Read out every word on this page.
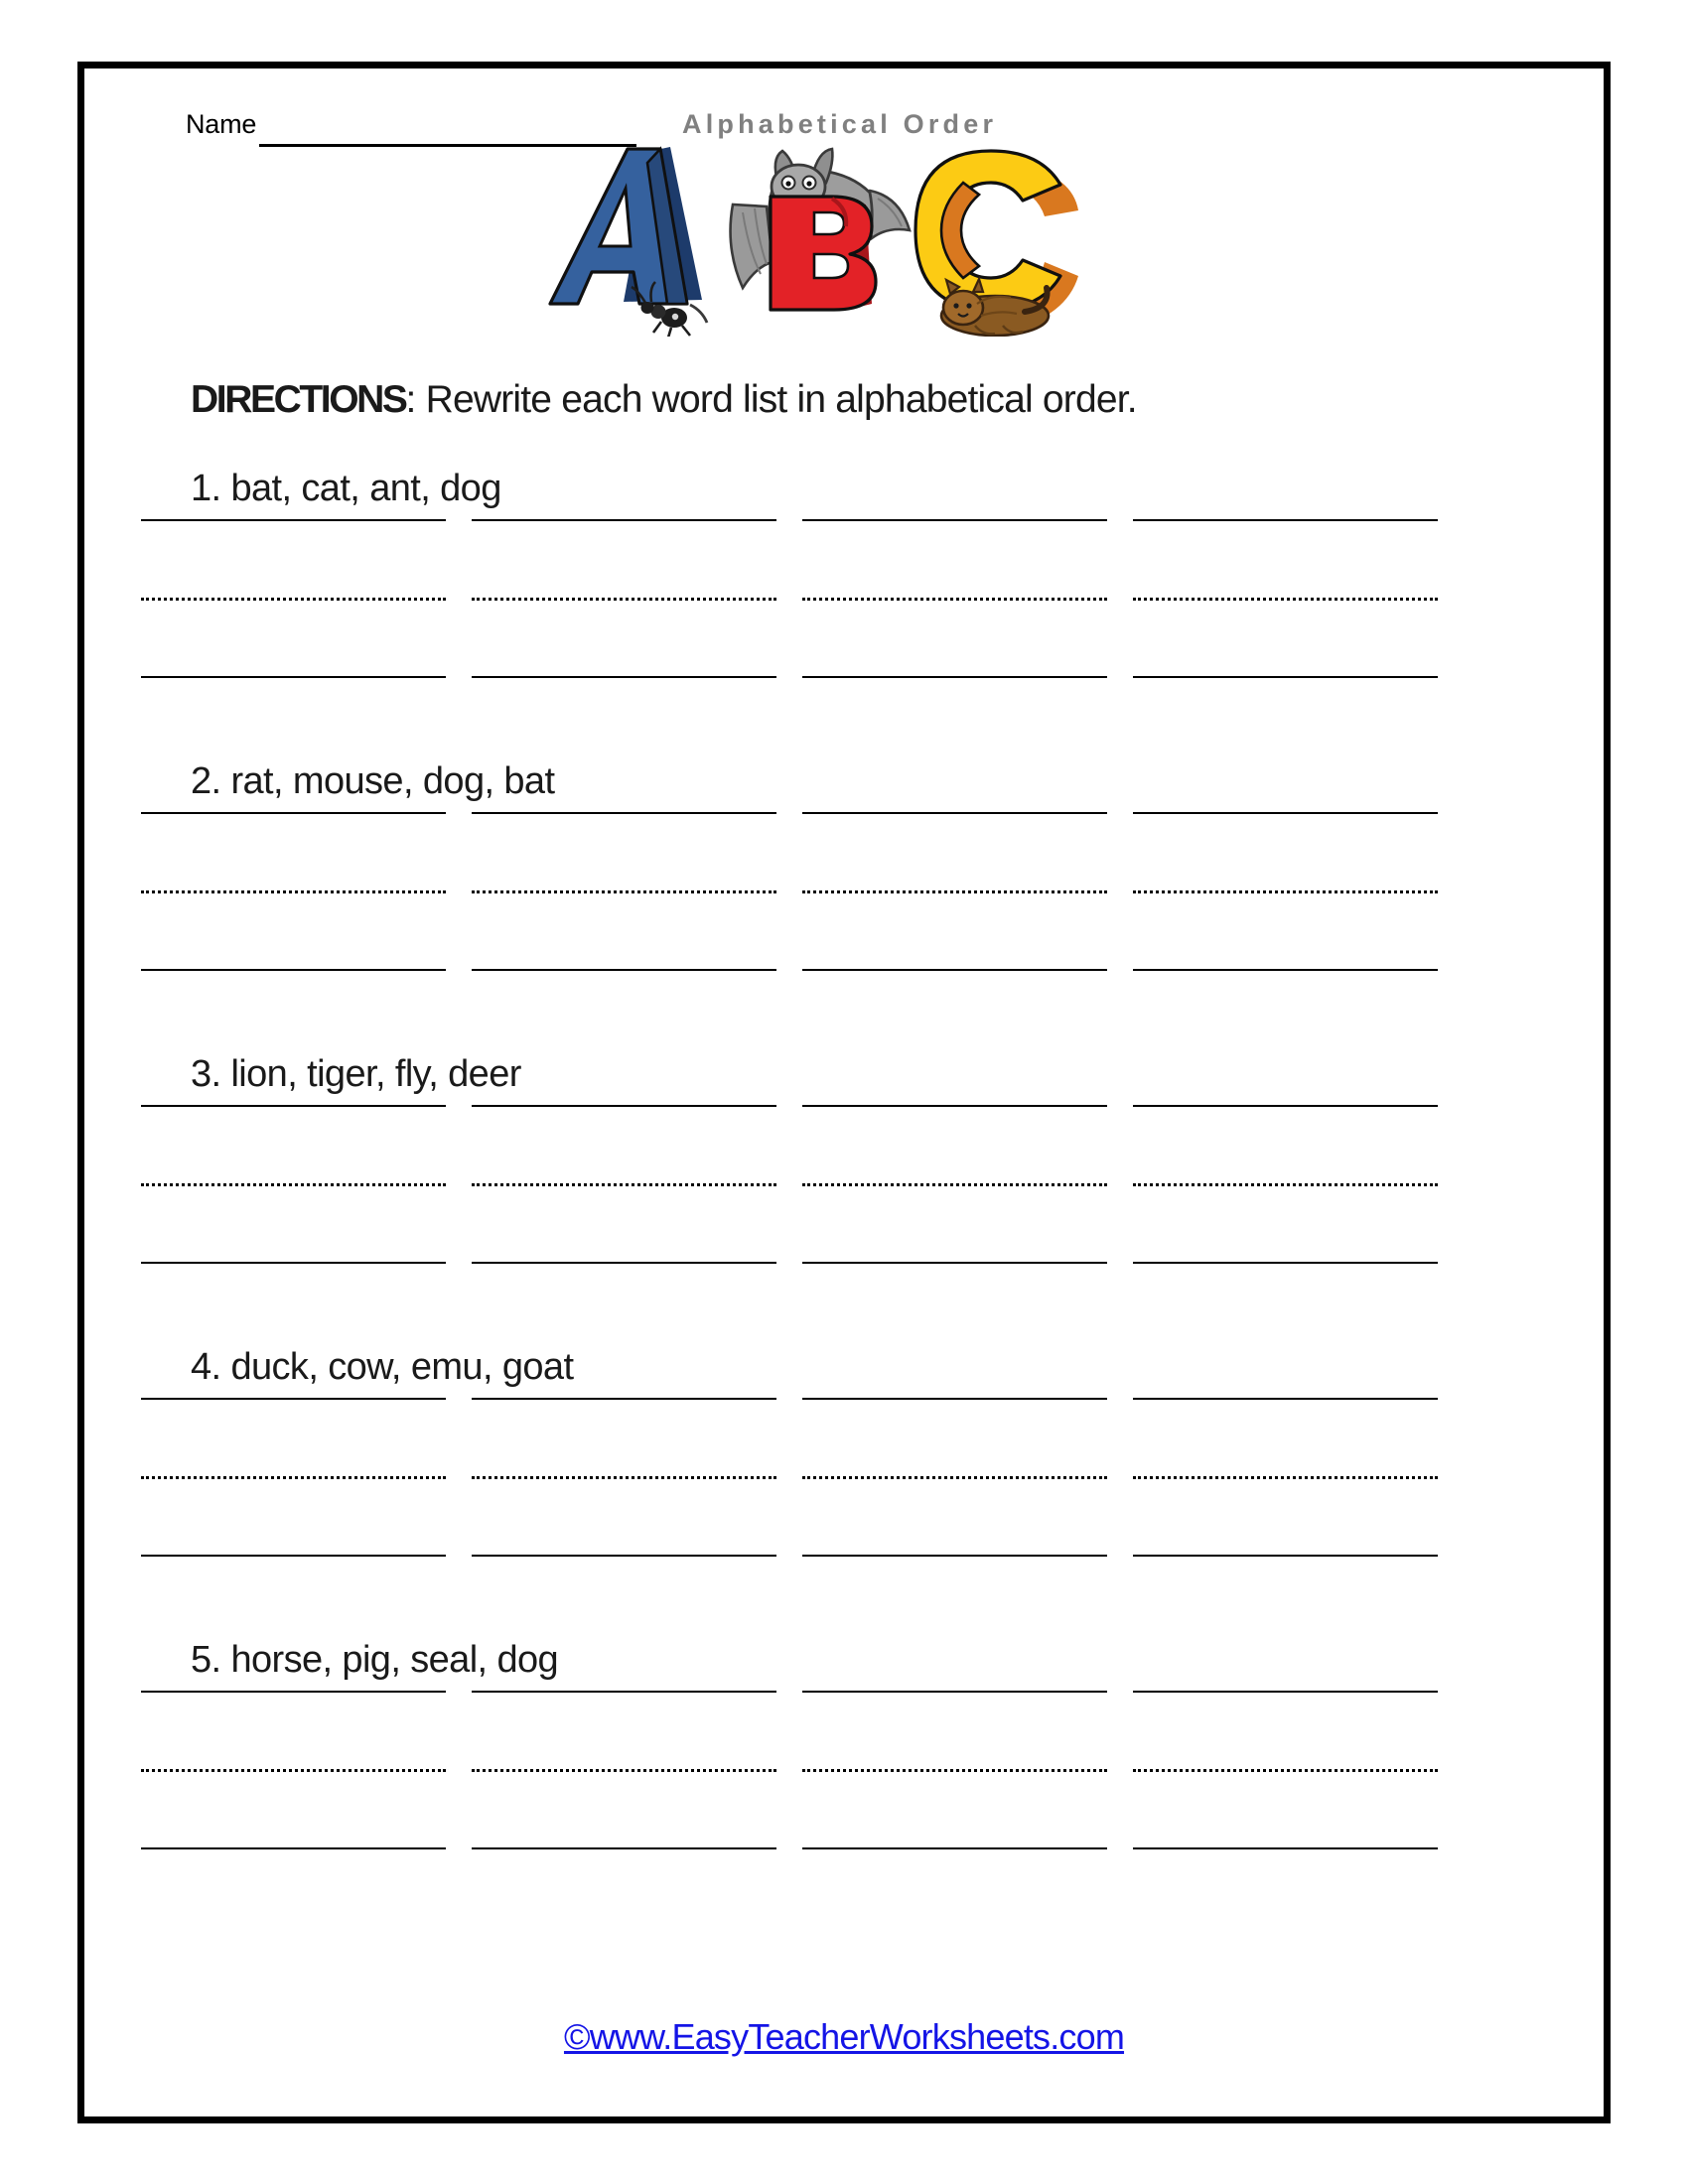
Name	Alphabetical Order
DIRECTIONS: Rewrite each word list in alphabetical order.
1. bat, cat, ant, dog
2. rat, mouse, dog, bat
3. lion, tiger, fly, deer
4. duck, cow, emu, goat
5. horse, pig, seal, dog
©www.EasyTeacherWorksheets.com
